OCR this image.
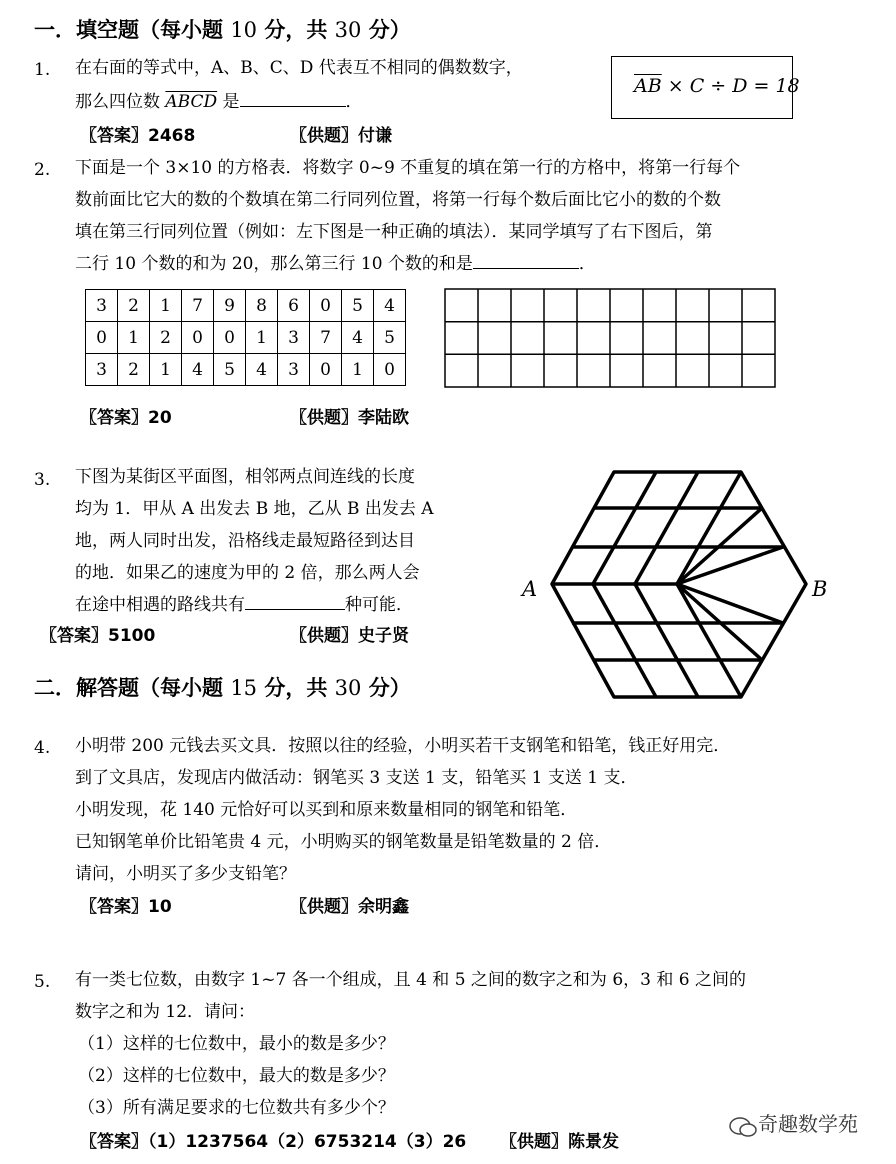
一．填空题（每小题 10 分，共 30 分）
1. 在右面的等式中，A、B、C、D 代表互不相同的偶数数字，
那么四位数 ABCD 是	．
$\overline{AB} \times C \div D = 18$
〖答案〗2468	〖供题〗付谦
2. 下面是一个 3×10 的方格表．将数字 0~9 不重复的填在第一行的方格中，将第一行每个
数前面比它大的数的个数填在第二行同列位置，将第一行每个数后面比它小的数的个数
填在第三行同列位置（例如：左下图是一种正确的填法）．某同学填写了右下图后，第
二行 10 个数的和为 20，那么第三行 10 个数的和是	．
3	2	1	7	9	8	6	0	5	4
0	1	2	0	0	1	3	7	4	5
3	2	1	4	5	4	3	0	1	0
〖答案〗20	〖供题〗李陆欧
3. 下图为某街区平面图，相邻两点间连线的长度
均为 1．甲从 A 出发去 B 地，乙从 B 出发去 A
地，两人同时出发，沿格线走最短路径到达目
的地．如果乙的速度为甲的 2 倍，那么两人会
在途中相遇的路线共有	种可能．
〖答案〗5100	〖供题〗史子贤
A	B
二．解答题（每小题 15 分，共 30 分）
4. 小明带 200 元钱去买文具．按照以往的经验，小明买若干支钢笔和铅笔，钱正好用完．
到了文具店，发现店内做活动：钢笔买 3 支送 1 支，铅笔买 1 支送 1 支．
小明发现，花 140 元恰好可以买到和原来数量相同的钢笔和铅笔．
已知钢笔单价比铅笔贵 4 元，小明购买的钢笔数量是铅笔数量的 2 倍．
请问，小明买了多少支铅笔？
〖答案〗10	〖供题〗余明鑫
5. 有一类七位数，由数字 1~7 各一个组成，且 4 和 5 之间的数字之和为 6，3 和 6 之间的
数字之和为 12．请问：
（1）这样的七位数中，最小的数是多少？
（2）这样的七位数中，最大的数是多少？
（3）所有满足要求的七位数共有多少个？
〖答案〗（1）1237564（2）6753214（3）26 〖供题〗陈景发
奇趣数学苑
